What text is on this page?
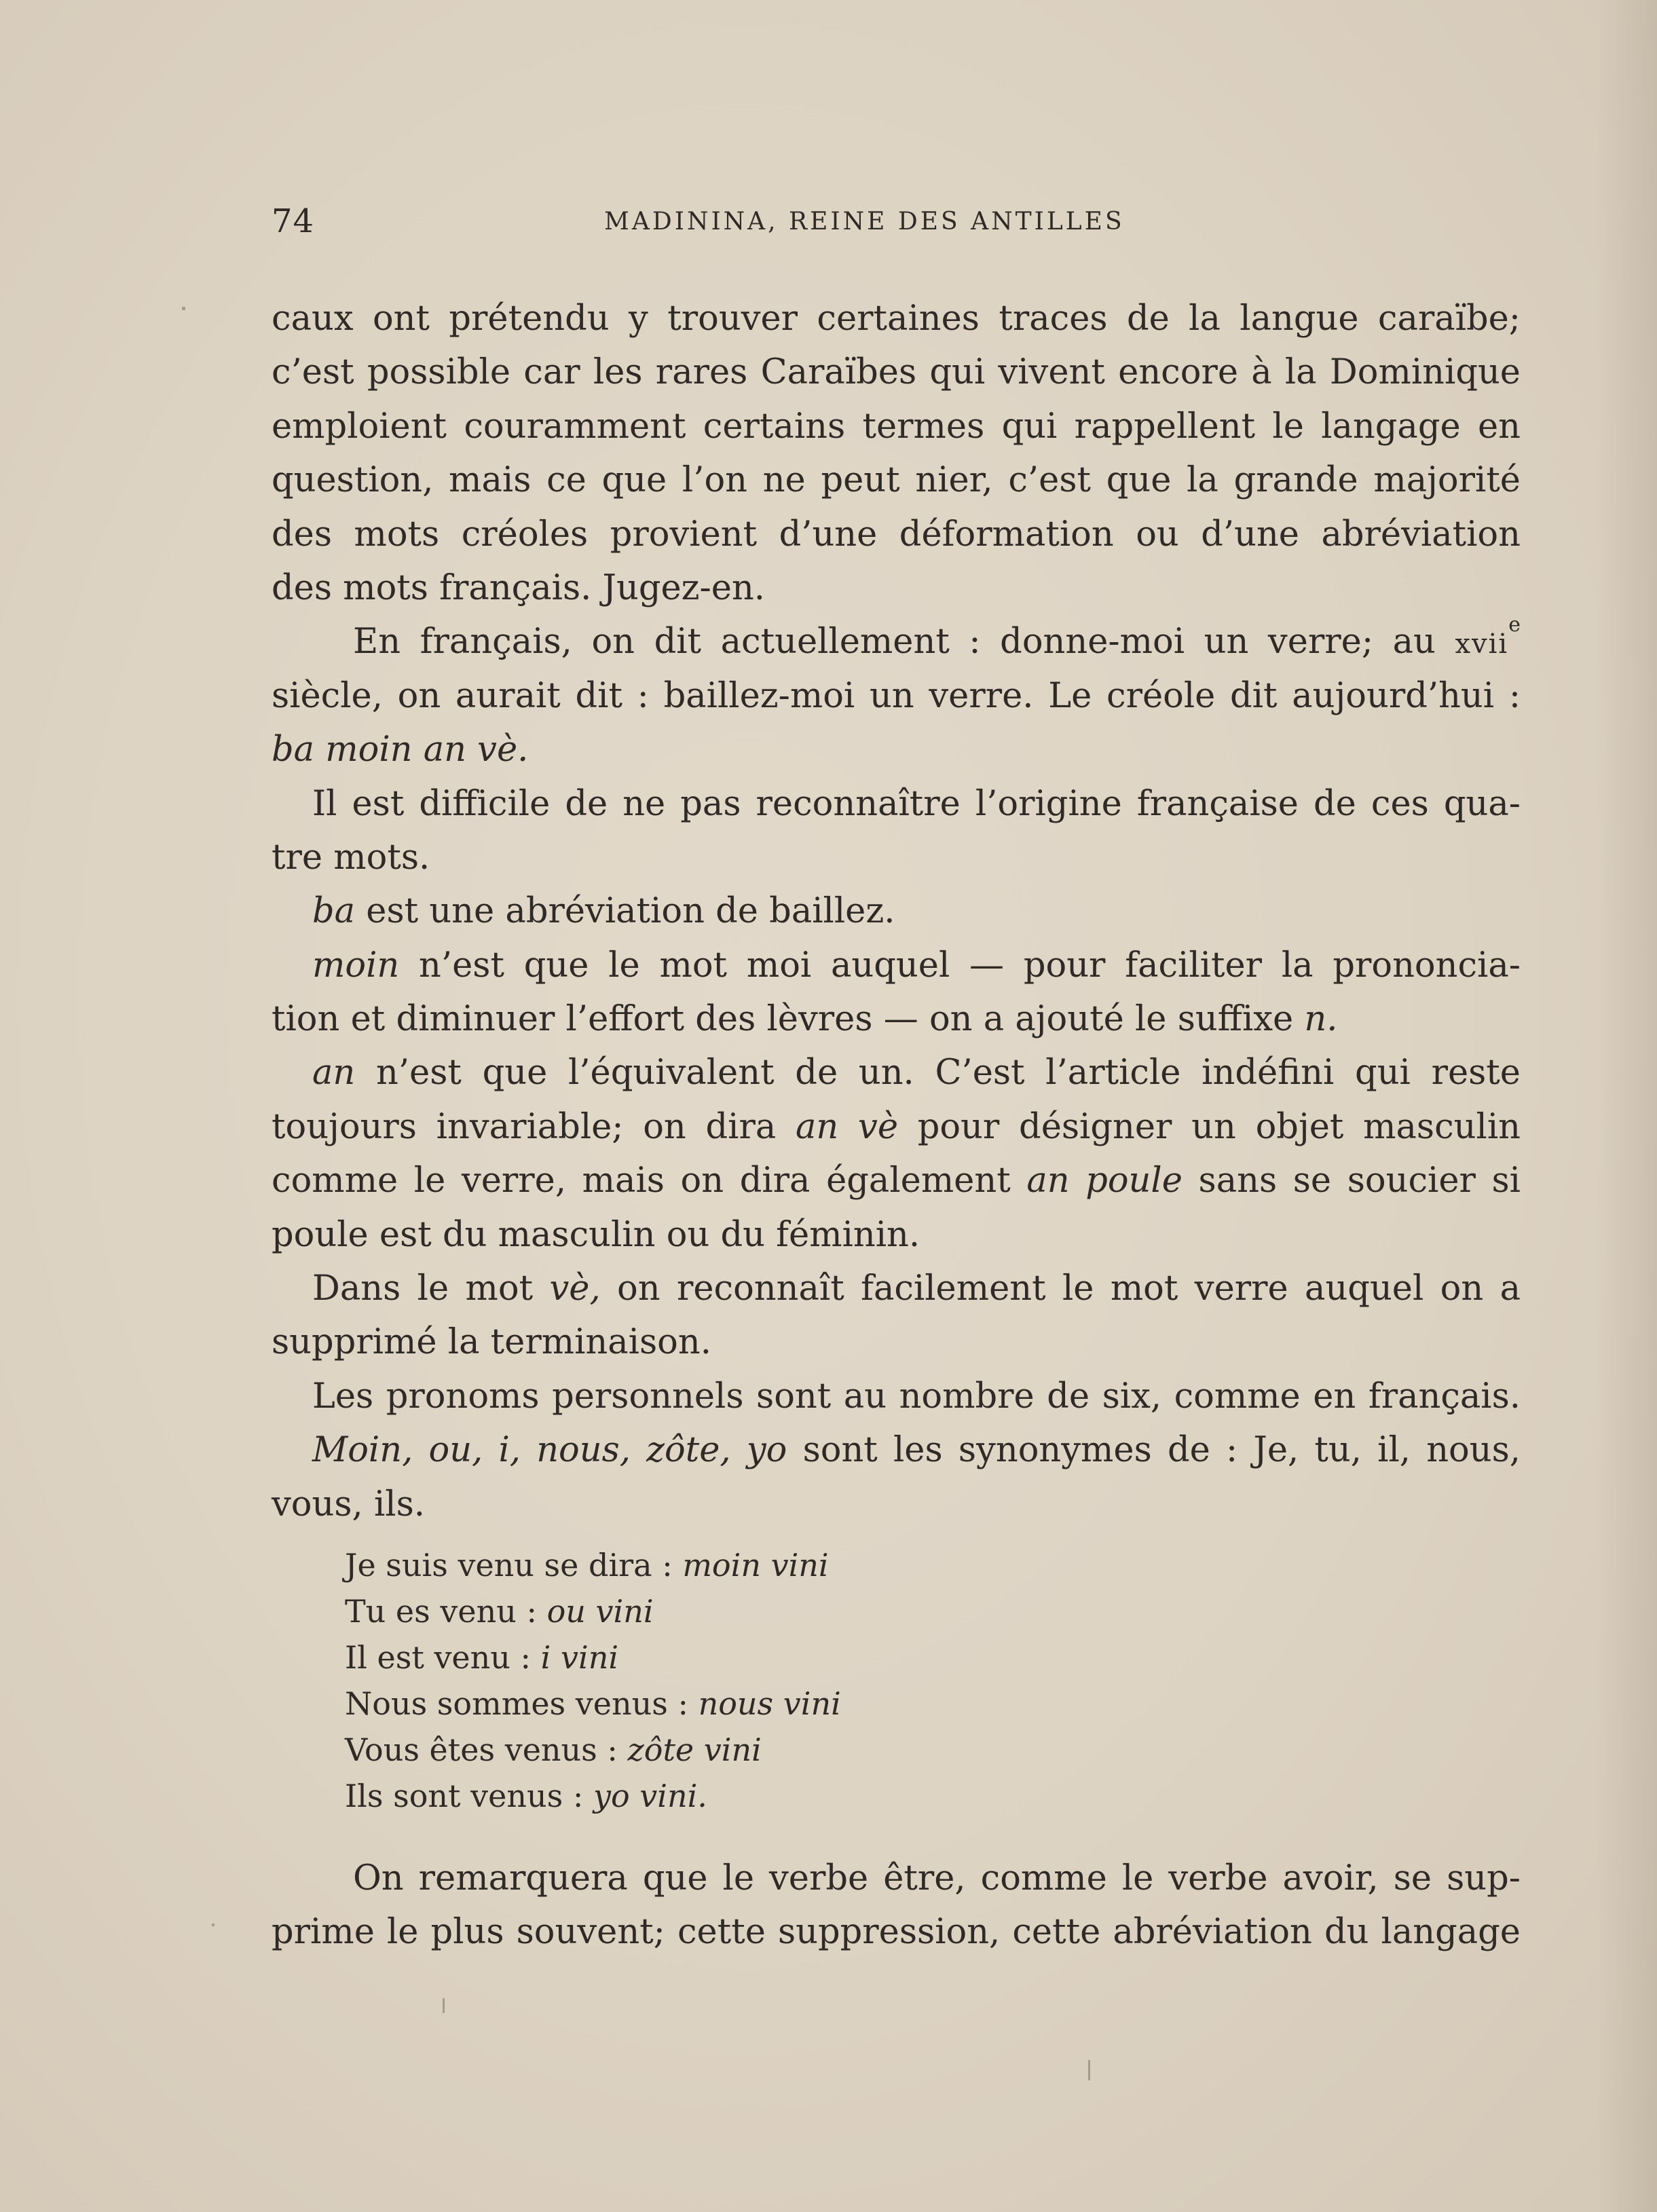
74	MADININA, REINE DES ANTILLES
caux ont prétendu y trouver certaines traces de la langue caraïbe;
c’est possible car les rares Caraïbes qui vivent encore à la Dominique
emploient couramment certains termes qui rappellent le langage en
question, mais ce que l’on ne peut nier, c’est que la grande majorité
des mots créoles provient d’une déformation ou d’une abréviation
des mots français. Jugez-en.
En français, on dit actuellement : donne-moi un verre; au xvii$^e$
siècle, on aurait dit : baillez-moi un verre. Le créole dit aujourd’hui :
ba moin an vè.
Il est difficile de ne pas reconnaître l’origine française de ces qua-
tre mots.
ba est une abréviation de baillez.
moin n’est que le mot moi auquel — pour faciliter la prononcia-
tion et diminuer l’effort des lèvres — on a ajouté le suffixe n.
an n’est que l’équivalent de un. C’est l’article indéfini qui reste
toujours invariable; on dira an vè pour désigner un objet masculin
comme le verre, mais on dira également an poule sans se soucier si
poule est du masculin ou du féminin.
Dans le mot vè, on reconnaît facilement le mot verre auquel on a
supprimé la terminaison.
Les pronoms personnels sont au nombre de six, comme en français.
Moin, ou, i, nous, zôte, yo sont les synonymes de : Je, tu, il, nous,
vous, ils.
Je suis venu se dira : moin vini
Tu es venu : ou vini
Il est venu : i vini
Nous sommes venus : nous vini
Vous êtes venus : zôte vini
Ils sont venus : yo vini.
On remarquera que le verbe être, comme le verbe avoir, se sup-
prime le plus souvent; cette suppression, cette abréviation du langage
